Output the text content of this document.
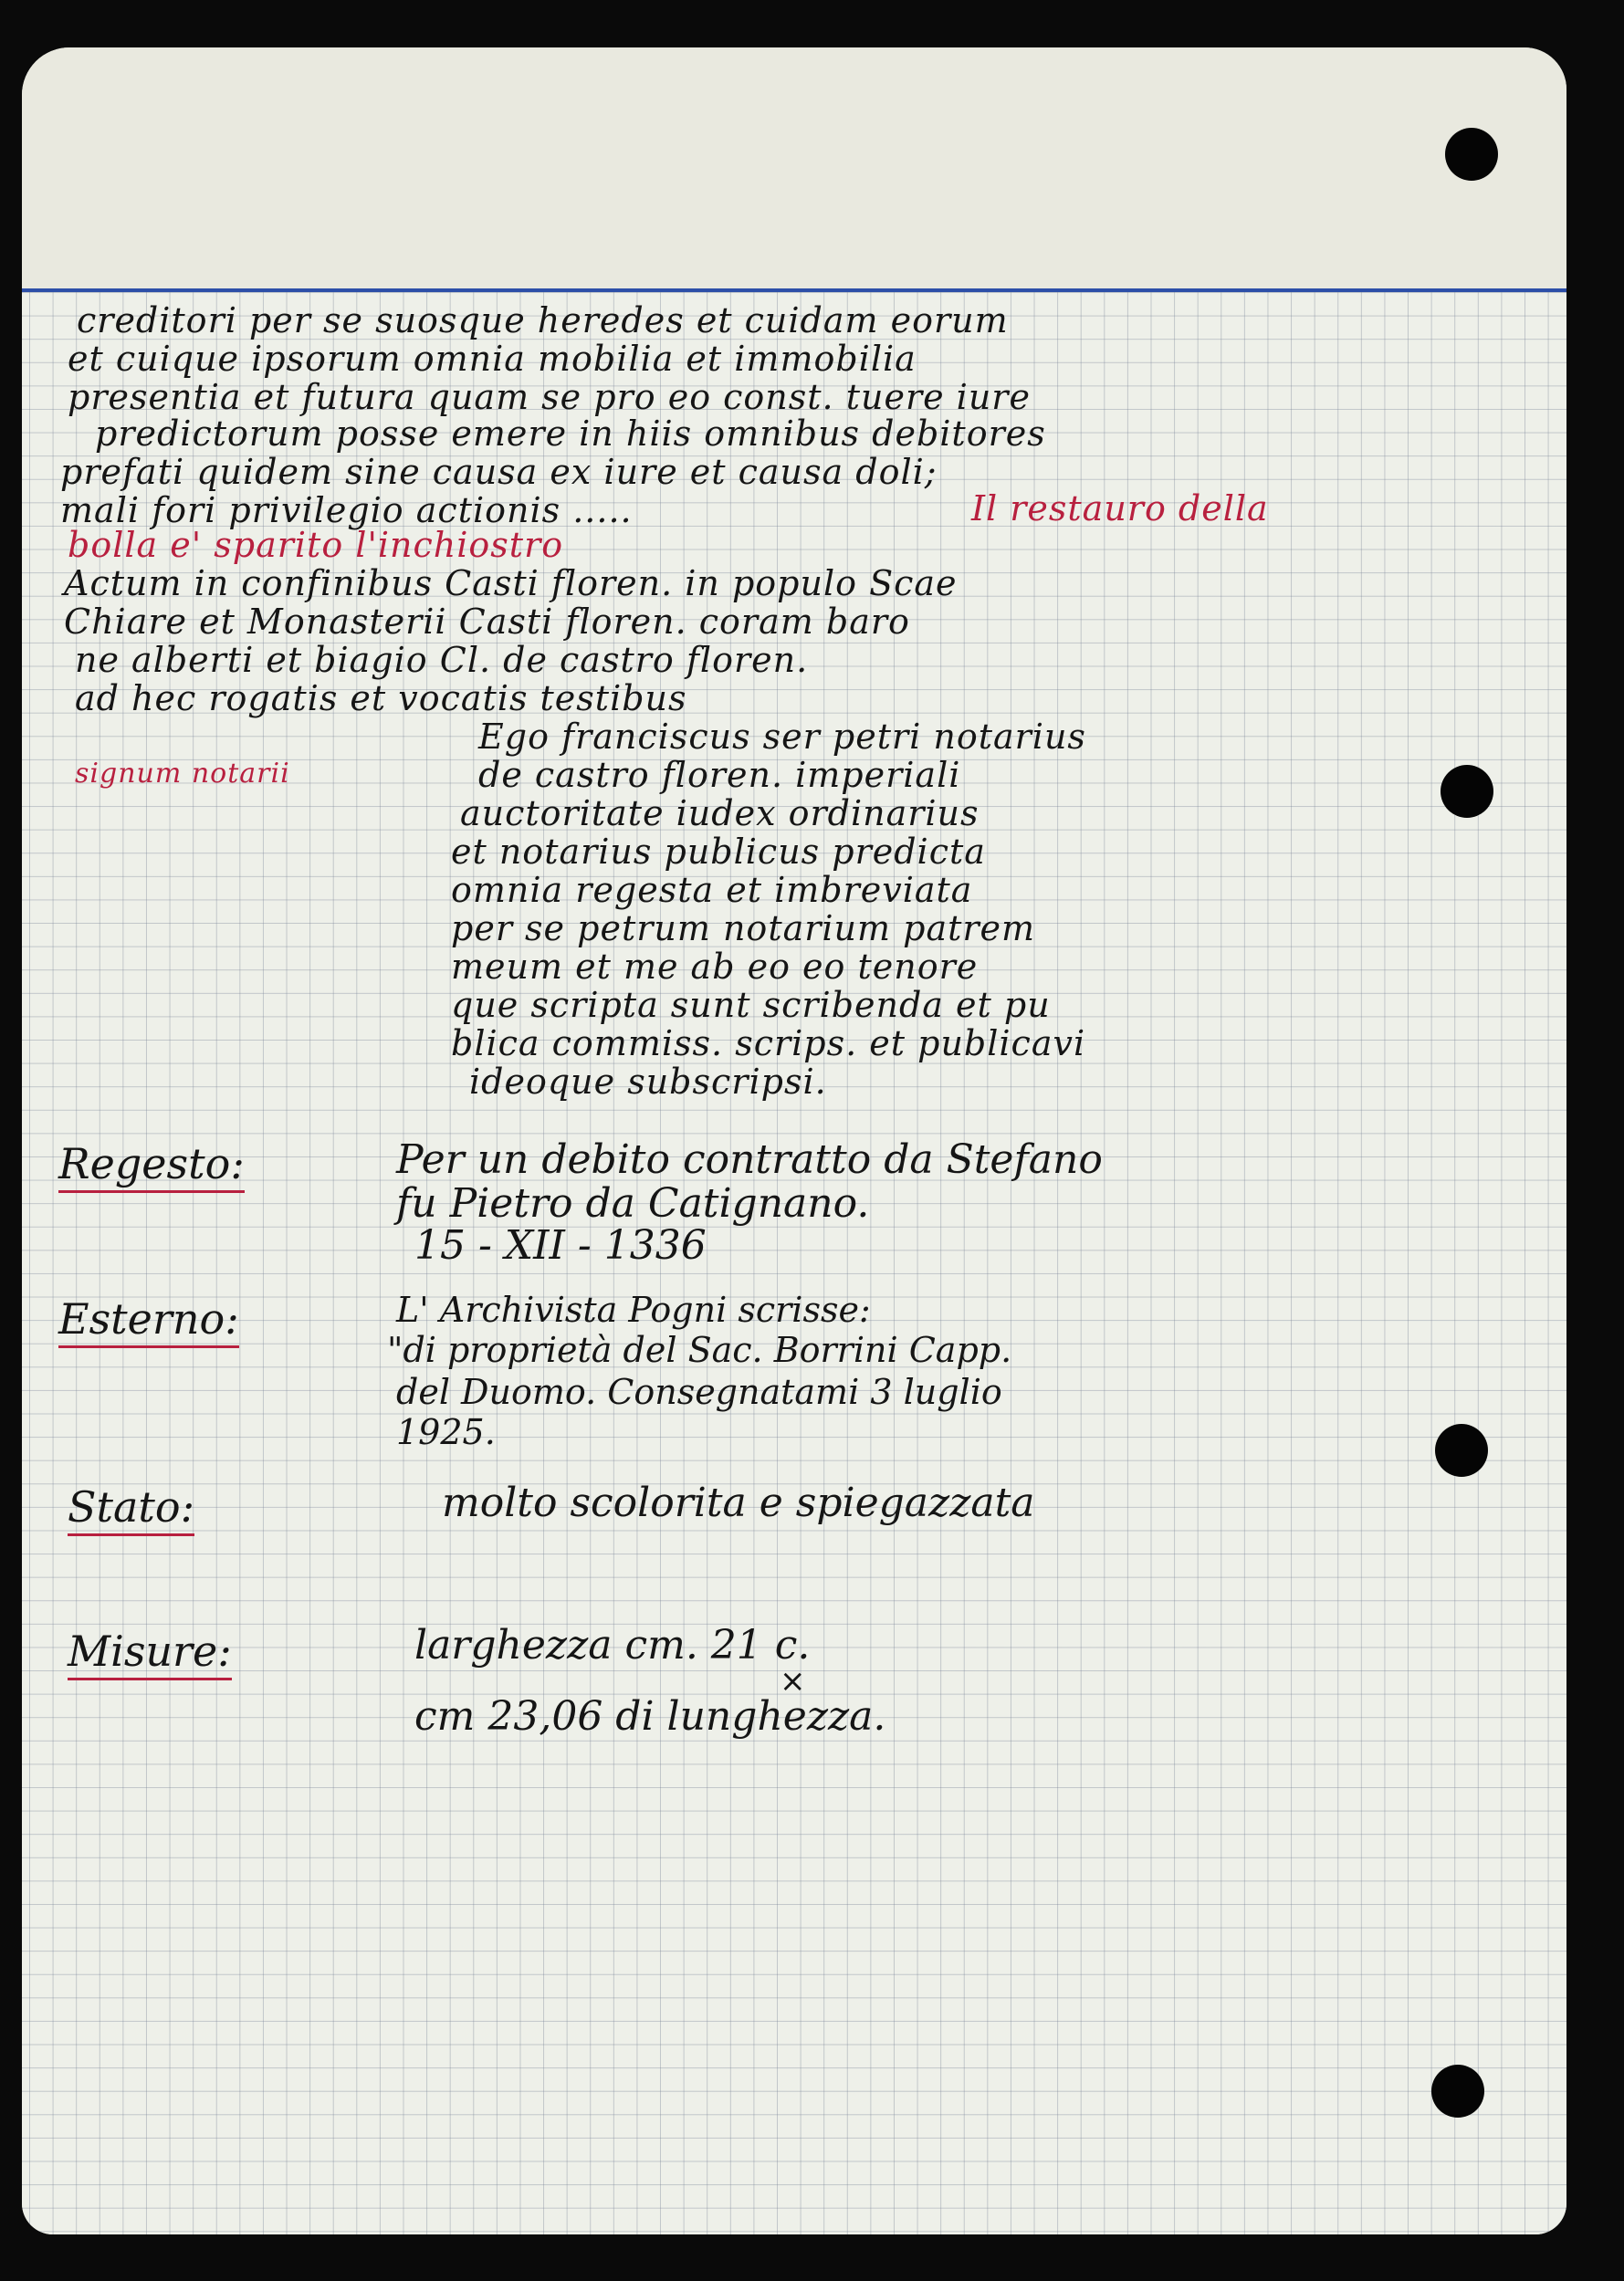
creditori per se suosque heredes et cuidam eorum
et cuique ipsorum omnia mobilia et immobilia
presentia et futura quam se pro eo const. tuere iure
predictorum posse emere in hiis omnibus debitores
prefati quidem sine causa ex iure et causa doli;
mali fori privilegio actionis .....	Il restauro della
bolla e' sparito l'inchiostro
Actum in confinibus Casti floren. in populo Scae
Chiare et Monasterii Casti floren. coram baro
ne alberti et biagio Cl. de castro floren.
ad hec rogatis et vocatis testibus
signum notarii
Ego franciscus ser petri notarius
de castro floren. imperiali
auctoritate iudex ordinarius
et notarius publicus predicta
omnia regesta et imbreviata
per se petrum notarium patrem
meum et me ab eo eo tenore
que scripta sunt scribenda et pu
blica commiss. scrips. et publicavi
ideoque subscripsi.
Regesto:	Per un debito contratto da Stefano
fu Pietro da Catignano.
15 - XII - 1336
Esterno:	L' Archivista Pogni scrisse:
"di proprietà del Sac. Borrini Capp.
del Duomo. Consegnatami 3 luglio
1925.
Stato:	molto scolorita e spiegazzata
Misure:	larghezza cm. 21 c.
×
cm 23,06 di lunghezza.
